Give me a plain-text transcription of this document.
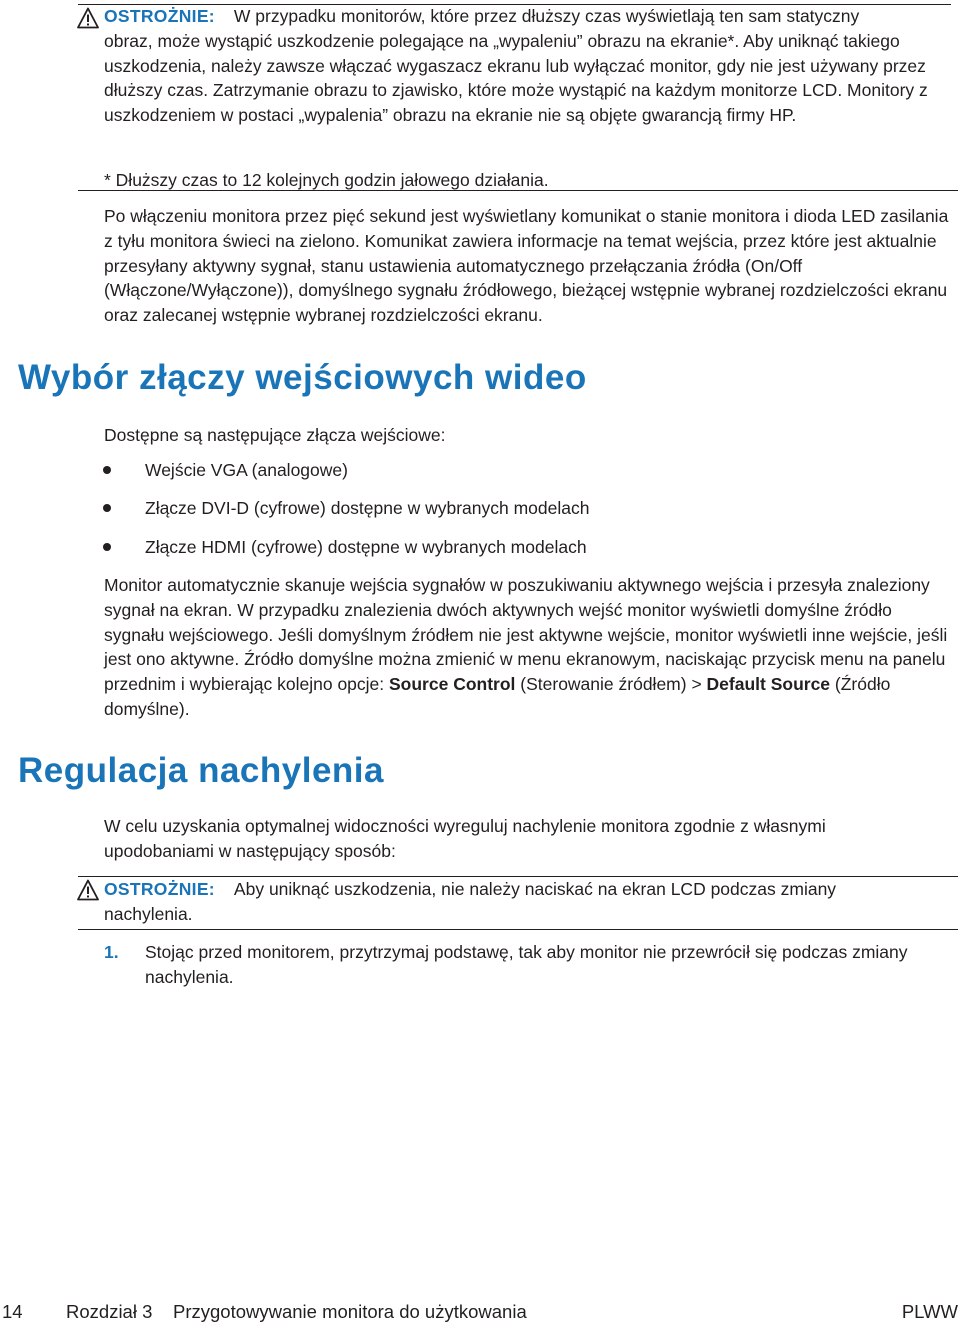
OSTROŻNIE: W przypadku monitorów, które przez dłuższy czas wyświetlają ten sam statyczny
obraz, może wystąpić uszkodzenie polegające na „wypaleniu” obrazu na ekranie*. Aby uniknąć takiego uszkodzenia, należy zawsze włączać wygaszacz ekranu lub wyłączać monitor, gdy nie jest używany przez dłuższy czas. Zatrzymanie obrazu to zjawisko, które może wystąpić na każdym monitorze LCD. Monitory z uszkodzeniem w postaci „wypalenia” obrazu na ekranie nie są objęte gwarancją firmy HP.
* Dłuższy czas to 12 kolejnych godzin jałowego działania.
Po włączeniu monitora przez pięć sekund jest wyświetlany komunikat o stanie monitora i dioda LED zasilania z tyłu monitora świeci na zielono. Komunikat zawiera informacje na temat wejścia, przez które jest aktualnie przesyłany aktywny sygnał, stanu ustawienia automatycznego przełączania źródła (On/Off (Włączone/Wyłączone)), domyślnego sygnału źródłowego, bieżącej wstępnie wybranej rozdzielczości ekranu oraz zalecanej wstępnie wybranej rozdzielczości ekranu.
Wybór złączy wejściowych wideo
Dostępne są następujące złącza wejściowe:
Wejście VGA (analogowe)
Złącze DVI-D (cyfrowe) dostępne w wybranych modelach
Złącze HDMI (cyfrowe) dostępne w wybranych modelach
Monitor automatycznie skanuje wejścia sygnałów w poszukiwaniu aktywnego wejścia i przesyła znaleziony sygnał na ekran. W przypadku znalezienia dwóch aktywnych wejść monitor wyświetli domyślne źródło sygnału wejściowego. Jeśli domyślnym źródłem nie jest aktywne wejście, monitor wyświetli inne wejście, jeśli jest ono aktywne. Źródło domyślne można zmienić w menu ekranowym, naciskając przycisk menu na panelu przednim i wybierając kolejno opcje: Source Control (Sterowanie źródłem) > Default Source (Źródło domyślne).
Regulacja nachylenia
W celu uzyskania optymalnej widoczności wyreguluj nachylenie monitora zgodnie z własnymi upodobaniami w następujący sposób:
OSTROŻNIE: Aby uniknąć uszkodzenia, nie należy naciskać na ekran LCD podczas zmiany
nachylenia.
1. Stojąc przed monitorem, przytrzymaj podstawę, tak aby monitor nie przewrócił się podczas zmiany nachylenia.
14 Rozdział 3 Przygotowywanie monitora do użytkowania	PLWW
